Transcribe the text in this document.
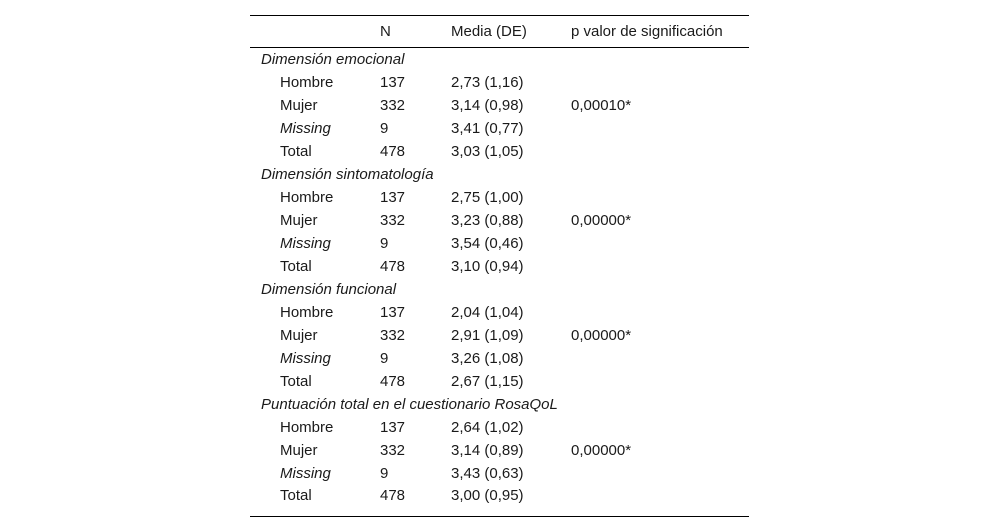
	N	Media (DE)	p valor de significación
Dimensión emocional			
Hombre	137	2,73 (1,16)	
Mujer	332	3,14 (0,98)	0,00010*
Missing	9	3,41 (0,77)	
Total	478	3,03 (1,05)	
Dimensión sintomatología			
Hombre	137	2,75 (1,00)	
Mujer	332	3,23 (0,88)	0,00000*
Missing	9	3,54 (0,46)	
Total	478	3,10 (0,94)	
Dimensión funcional			
Hombre	137	2,04 (1,04)	
Mujer	332	2,91 (1,09)	0,00000*
Missing	9	3,26 (1,08)	
Total	478	2,67 (1,15)	
Puntuación total en el cuestionario RosaQoL			
Hombre	137	2,64 (1,02)	
Mujer	332	3,14 (0,89)	0,00000*
Missing	9	3,43 (0,63)	
Total	478	3,00 (0,95)	
